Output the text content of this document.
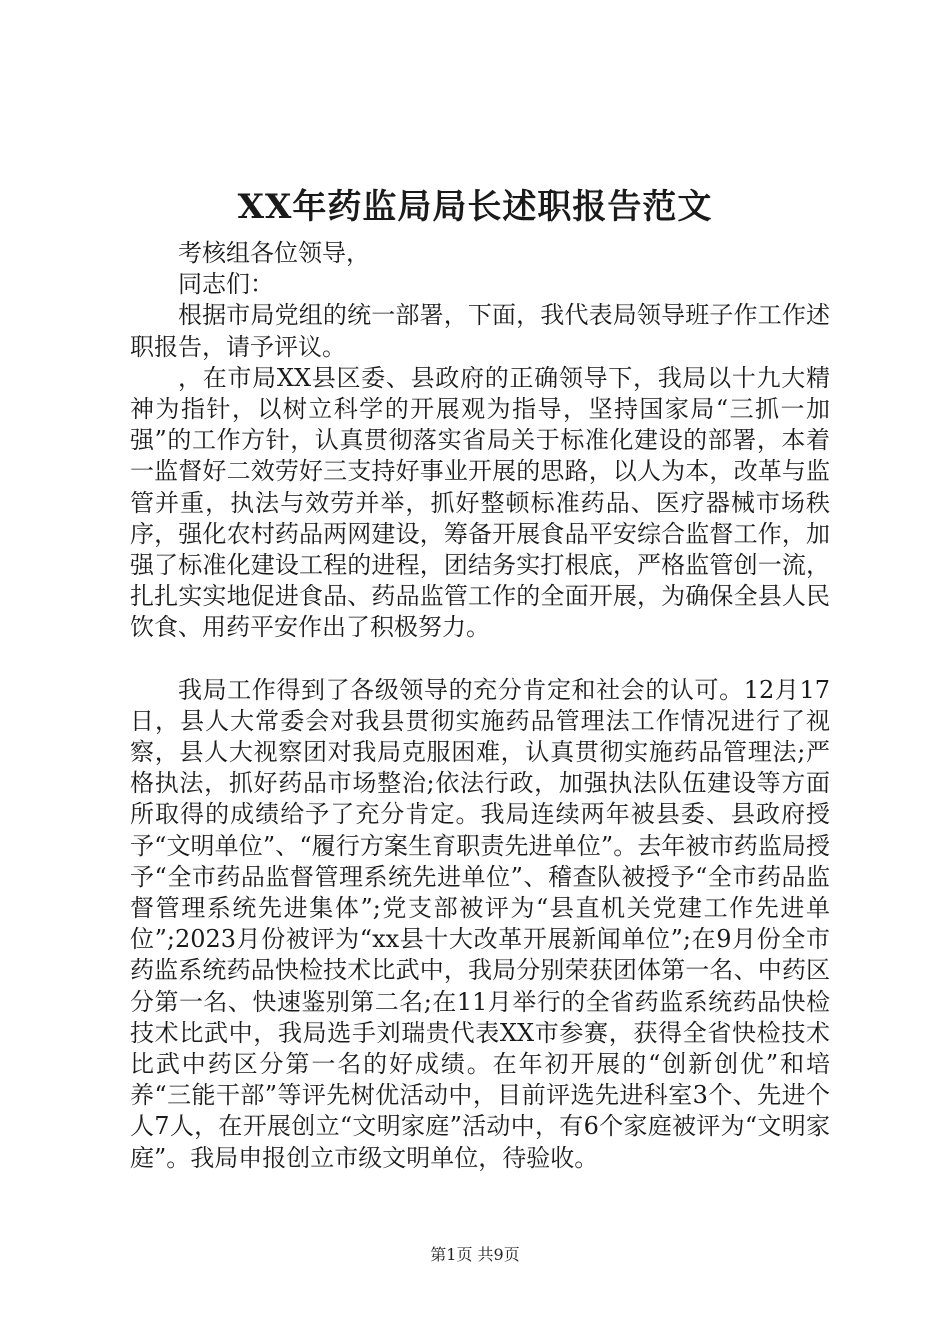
XX年药监局局长述职报告范文

考核组各位领导，

同志们：

根据市局党组的统一部署，下面，我代表局领导班子作工作述职报告，请予评议。

，在市局XX县区委、县政府的正确领导下，我局以十九大精神为指针，以树立科学的开展观为指导，坚持国家局“三抓一加强”的工作方针，认真贯彻落实省局关于标准化建设的部署，本着一监督好二效劳好三支持好事业开展的思路，以人为本，改革与监管并重，执法与效劳并举，抓好整顿标准药品、医疗器械市场秩序，强化农村药品两网建设，筹备开展食品平安综合监督工作，加强了标准化建设工程的进程，团结务实打根底，严格监管创一流，扎扎实实地促进食品、药品监管工作的全面开展，为确保全县人民饮食、用药平安作出了积极努力。

我局工作得到了各级领导的充分肯定和社会的认可。12月17日，县人大常委会对我县贯彻实施药品管理法工作情况进行了视察，县人大视察团对我局克服困难，认真贯彻实施药品管理法;严格执法，抓好药品市场整治;依法行政，加强执法队伍建设等方面所取得的成绩给予了充分肯定。我局连续两年被县委、县政府授予“文明单位”、“履行方案生育职责先进单位”。去年被市药监局授予“全市药品监督管理系统先进单位”、稽查队被授予“全市药品监督管理系统先进集体”;党支部被评为“县直机关党建工作先进单位”;2023月份被评为“xx县十大改革开展新闻单位”;在9月份全市药监系统药品快检技术比武中，我局分别荣获团体第一名、中药区分第一名、快速鉴别第二名;在11月举行的全省药监系统药品快检技术比武中，我局选手刘瑞贵代表XX市参赛，获得全省快检技术比武中药区分第一名的好成绩。在年初开展的“创新创优”和培养“三能干部”等评先树优活动中，目前评选先进科室3个、先进个人7人，在开展创立“文明家庭”活动中，有6个家庭被评为“文明家庭”。我局申报创立市级文明单位，待验收。

第1页 共9页
